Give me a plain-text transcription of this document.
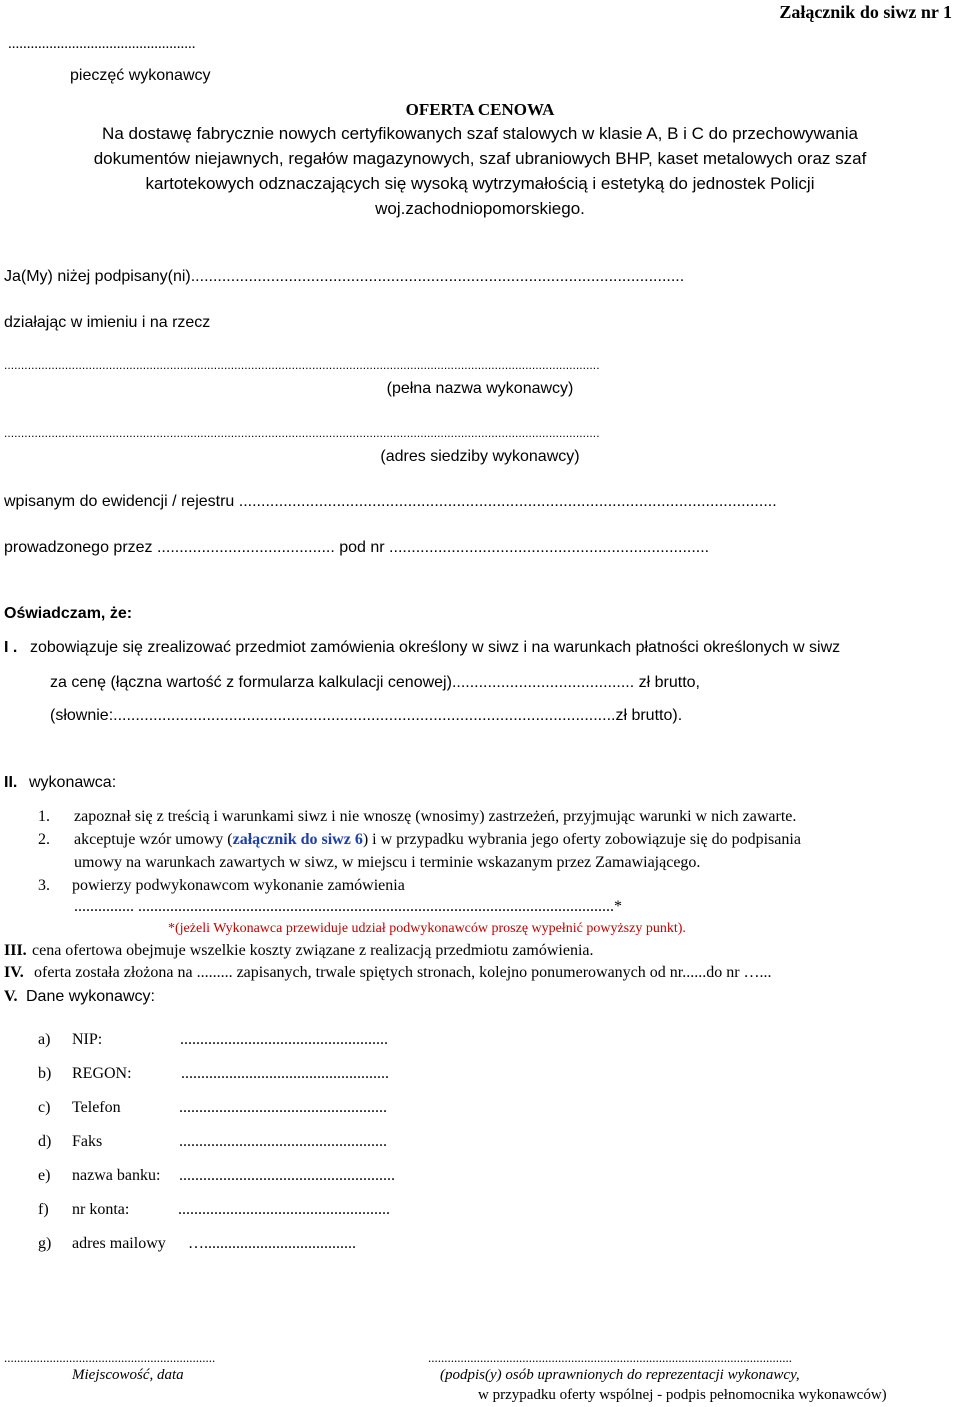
Załącznik do siwz nr 1
..................................................
pieczęć wykonawcy
OFERTA CENOWA
Na dostawę fabrycznie nowych certyfikowanych szaf stalowych w klasie A, B i C do przechowywania
dokumentów niejawnych, regałów magazynowych, szaf ubraniowych BHP, kaset metalowych oraz szaf
kartotekowych odznaczających się wysoką wytrzymałością i estetyką do jednostek Policji
woj.zachodniopomorskiego.
Ja(My) niżej podpisany(ni)...............................................................................................................
działając w imieniu i na rzecz
................................................................................................................................................................................
(pełna nazwa wykonawcy)
................................................................................................................................................................................
(adres siedziby wykonawcy)
wpisanym do ewidencji / rejestru .........................................................................................................................
prowadzonego przez ........................................ pod nr ........................................................................
Oświadczam, że:
I . zobowiązuje się zrealizować przedmiot zamówienia określony w siwz i na warunkach płatności określonych w siwz
za cenę (łączna wartość z formularza kalkulacji cenowej)......................................... zł brutto,
(słownie:.................................................................................................................zł brutto).
II. wykonawca:
1. zapoznał się z treścią i warunkami siwz i nie wnoszę (wnosimy) zastrzeżeń, przyjmując warunki w nich zawarte.
2. akceptuje wzór umowy (załącznik do siwz 6) i w przypadku wybrania jego oferty zobowiązuje się do podpisania
umowy na warunkach zawartych w siwz, w miejscu i terminie wskazanym przez Zamawiającego.
3. powierzy podwykonawcom wykonanie zamówienia
............... .......................................................................................................................*
*(jeżeli Wykonawca przewiduje udział podwykonawców proszę wypełnić powyższy punkt).
III. cena ofertowa obejmuje wszelkie koszty związane z realizacją przedmiotu zamówienia.
IV. oferta została złożona na ......... zapisanych, trwale spiętych stronach, kolejno ponumerowanych od nr......do nr …...
V. Dane wykonawcy:
a) NIP:	....................................................
b) REGON:	....................................................
c) Telefon	....................................................
d) Faks	....................................................
e) nazwa banku: ......................................................
f) nr konta:	.....................................................
g) adres mailowy …......................................
.................................................................
Miejscowość, data
................................................................................................................
(podpis(y) osób uprawnionych do reprezentacji wykonawcy,
w przypadku oferty wspólnej - podpis pełnomocnika wykonawców)
